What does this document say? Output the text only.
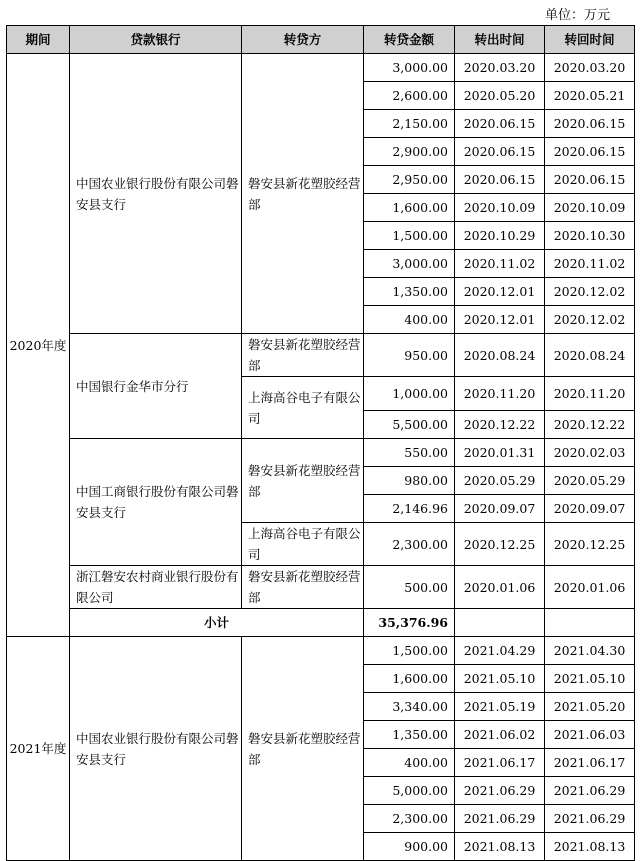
单位：万元
期间	贷款银行	转贷方	转贷金额	转出时间	转回时间
2020年度	中国农业银行股份有限公司磐安县支行	磐安县新花塑胶经营部	3,000.00	2020.03.20	2020.03.20
			2,600.00	2020.05.20	2020.05.21
			2,150.00	2020.06.15	2020.06.15
			2,900.00	2020.06.15	2020.06.15
			2,950.00	2020.06.15	2020.06.15
			1,600.00	2020.10.09	2020.10.09
			1,500.00	2020.10.29	2020.10.30
			3,000.00	2020.11.02	2020.11.02
			1,350.00	2020.12.01	2020.12.02
			400.00	2020.12.01	2020.12.02
	中国银行金华市分行	磐安县新花塑胶经营部	950.00	2020.08.24	2020.08.24
		上海高谷电子有限公司	1,000.00	2020.11.20	2020.11.20
			5,500.00	2020.12.22	2020.12.22
	中国工商银行股份有限公司磐安县支行	磐安县新花塑胶经营部	550.00	2020.01.31	2020.02.03
			980.00	2020.05.29	2020.05.29
			2,146.96	2020.09.07	2020.09.07
		上海高谷电子有限公司	2,300.00	2020.12.25	2020.12.25
	浙江磐安农村商业银行股份有限公司	磐安县新花塑胶经营部	500.00	2020.01.06	2020.01.06
	小计		35,376.96		
2021年度	中国农业银行股份有限公司磐安县支行	磐安县新花塑胶经营部	1,500.00	2021.04.29	2021.04.30
			1,600.00	2021.05.10	2021.05.10
			3,340.00	2021.05.19	2021.05.20
			1,350.00	2021.06.02	2021.06.03
			400.00	2021.06.17	2021.06.17
			5,000.00	2021.06.29	2021.06.29
			2,300.00	2021.06.29	2021.06.29
			900.00	2021.08.13	2021.08.13
